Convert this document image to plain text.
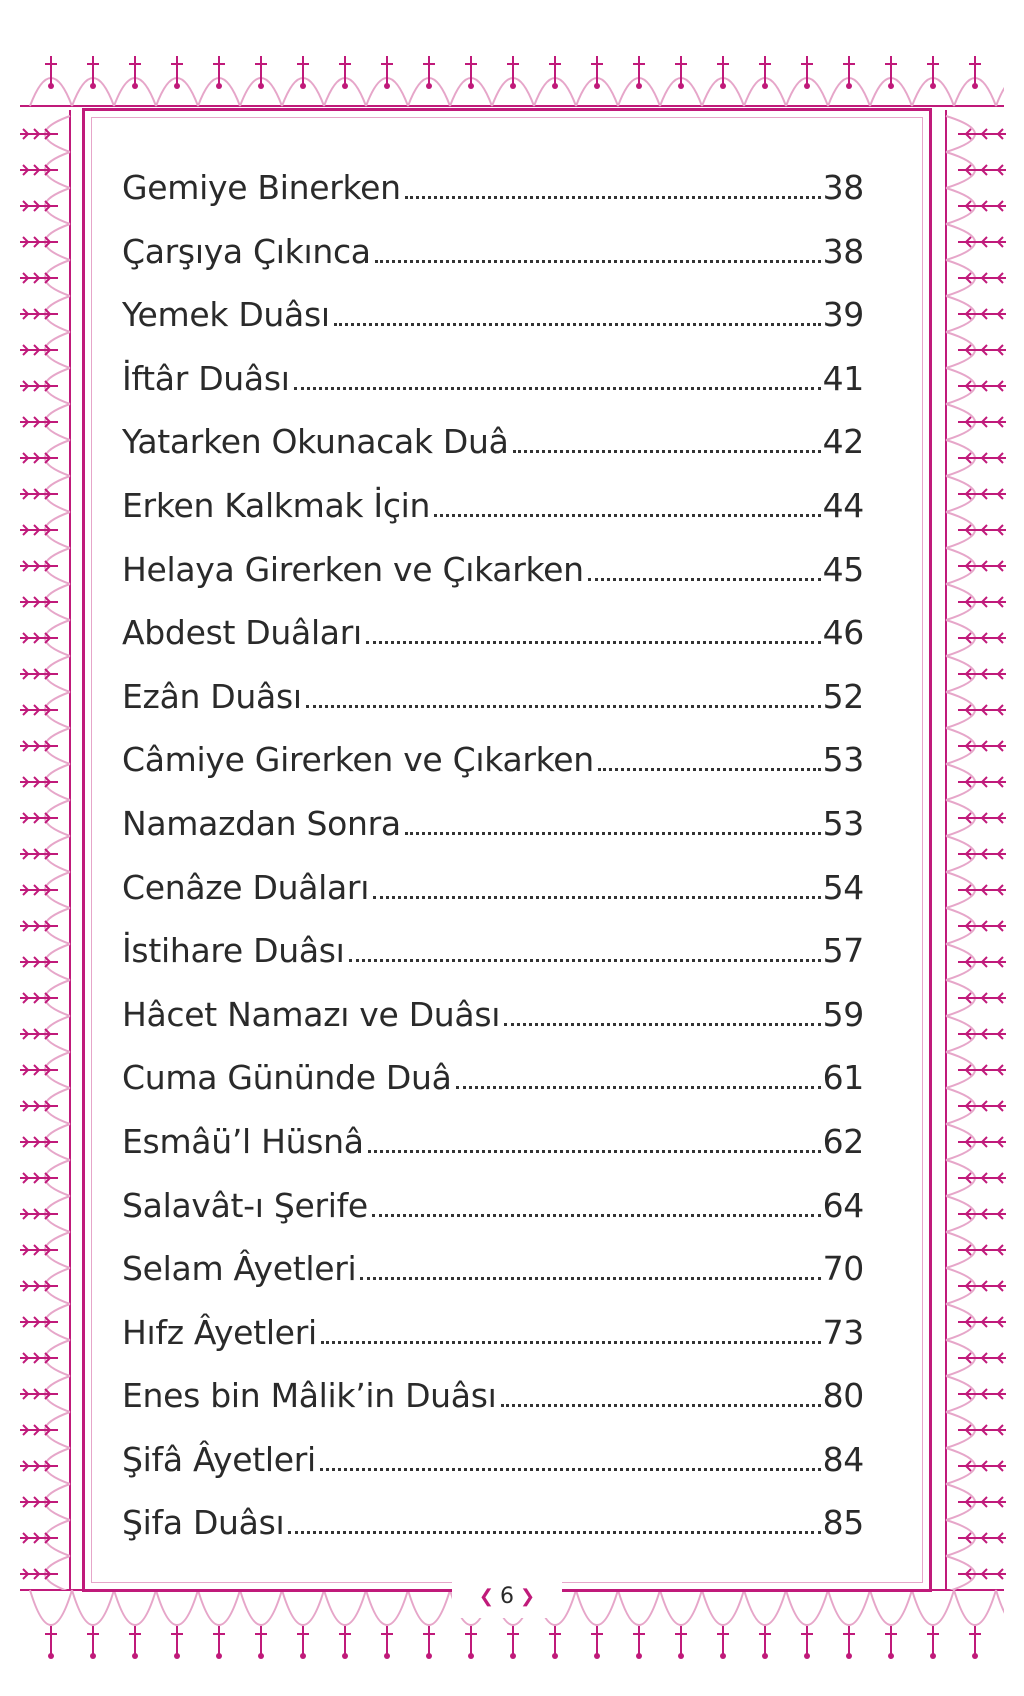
Gemiye Binerken	38
Çarşıya Çıkınca	38
Yemek Duâsı	39
İftâr Duâsı	41
Yatarken Okunacak Duâ	42
Erken Kalkmak İçin	44
Helaya Girerken ve Çıkarken	45
Abdest Duâları	46
Ezân Duâsı	52
Câmiye Girerken ve Çıkarken	53
Namazdan Sonra	53
Cenâze Duâları	54
İstihare Duâsı	57
Hâcet Namazı ve Duâsı	59
Cuma Gününde Duâ	61
Esmâü’l Hüsnâ	62
Salavât-ı Şerife	64
Selam Âyetleri	70
Hıfz Âyetleri	73
Enes bin Mâlik’in Duâsı	80
Şifâ Âyetleri	84
Şifa Duâsı	85
❮ 6 ❯
